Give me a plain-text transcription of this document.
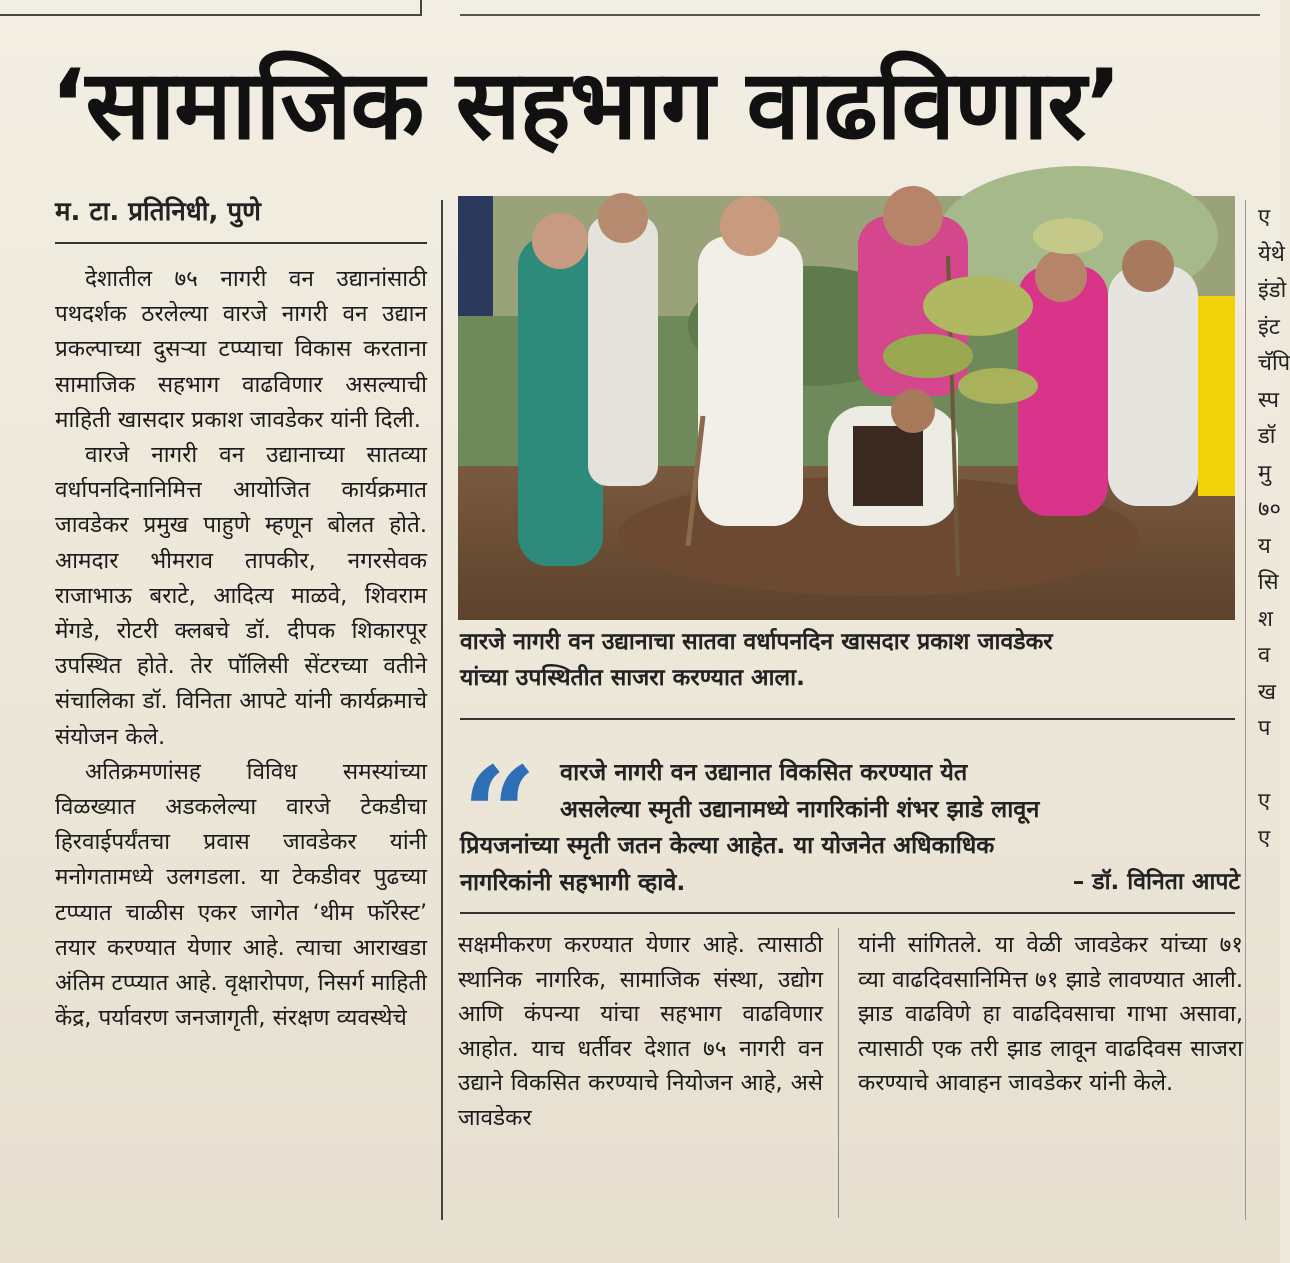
‘सामाजिक सहभाग वाढविणार’
म. टा. प्रतिनिधी, पुणे

देशातील ७५ नागरी वन उद्यानांसाठी पथदर्शक ठरलेल्या वारजे नागरी वन उद्यान प्रकल्पाच्या दुसऱ्या टप्प्याचा विकास करताना सामाजिक सहभाग वाढविणार असल्याची माहिती खासदार प्रकाश जावडेकर यांनी दिली.

वारजे नागरी वन उद्यानाच्या सातव्या वर्धापनदिनानिमित्त आयोजित कार्यक्रमात जावडेकर प्रमुख पाहुणे म्हणून बोलत होते. आमदार भीमराव तापकीर, नगरसेवक राजाभाऊ बराटे, आदित्य माळवे, शिवराम मेंगडे, रोटरी क्लबचे डॉ. दीपक शिकारपूर उपस्थित होते. तेर पॉलिसी सेंटरच्या वतीने संचालिका डॉ. विनिता आपटे यांनी कार्यक्रमाचे संयोजन केले.

अतिक्रमणांसह विविध समस्यांच्या विळख्यात अडकलेल्या वारजे टेकडीचा हिरवाईपर्यंतचा प्रवास जावडेकर यांनी मनोगतामध्ये उलगडला. या टेकडीवर पुढच्या टप्प्यात चाळीस एकर जागेत ‘थीम फॉरेस्ट’ तयार करण्यात येणार आहे. त्याचा आराखडा अंतिम टप्प्यात आहे. वृक्षारोपण, निसर्ग माहिती केंद्र, पर्यावरण जनजागृती, संरक्षण व्यवस्थेचे

वारजे नागरी वन उद्यानाचा सातवा वर्धापनदिन खासदार प्रकाश जावडेकर
यांच्या उपस्थितीत साजरा करण्यात आला.
“ वारजे नागरी वन उद्यानात विकसित करण्यात येत
असलेल्या स्मृती उद्यानामध्ये नागरिकांनी शंभर झाडे लावून
प्रियजनांच्या स्मृती जतन केल्या आहेत. या योजनेत अधिकाधिक
नागरिकांनी सहभागी व्हावे.	– डॉ. विनिता आपटे

सक्षमीकरण करण्यात येणार आहे. त्यासाठी स्थानिक नागरिक, सामाजिक संस्था, उद्योग आणि कंपन्या यांचा सहभाग वाढविणार आहोत. याच धर्तीवर देशात ७५ नागरी वन उद्याने विकसित करण्याचे नियोजन आहे, असे जावडेकर

यांनी सांगितले. या वेळी जावडेकर यांच्या ७१ व्या वाढदिवसानिमित्त ७१ झाडे लावण्यात आली. झाड वाढविणे हा वाढदिवसाचा गाभा असावा, त्यासाठी एक तरी झाड लावून वाढदिवस साजरा करण्याचे आवाहन जावडेकर यांनी केले.

ए
येथे
इंडो
इंट
चॅपि
स्प
डॉ
मु
७०
य
सि
श
व
ख
प
ए
ए
